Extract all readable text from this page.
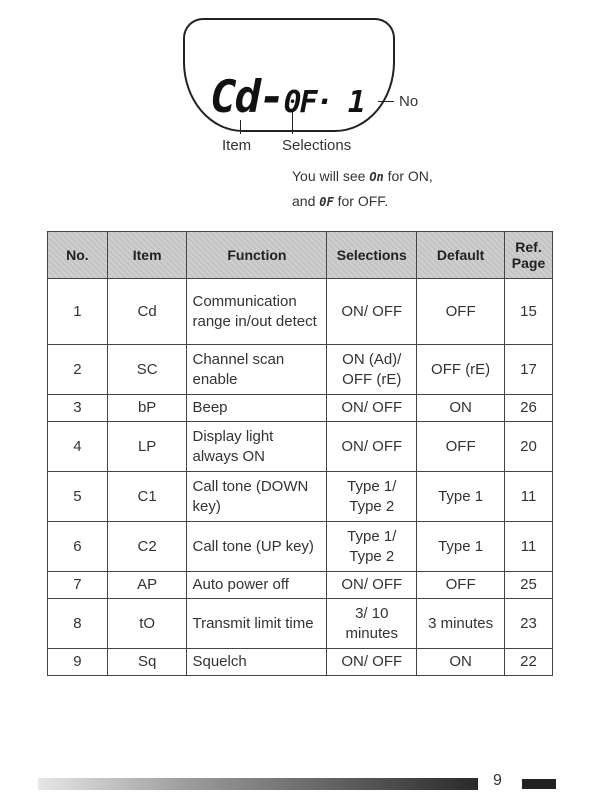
Cd-0F· 1
Item Selections
No
You will see On for ON,
and 0F for OFF.
No.	Item	Function	Selections	Default	Ref. Page
1	Cd	Communication range in/out detect	ON/ OFF	OFF	15
2	SC	Channel scan enable	ON (Ad)/ OFF (rE)	OFF (rE)	17
3	bP	Beep	ON/ OFF	ON	26
4	LP	Display light always ON	ON/ OFF	OFF	20
5	C1	Call tone (DOWN key)	Type 1/ Type 2	Type 1	11
6	C2	Call tone (UP key)	Type 1/ Type 2	Type 1	11
7	AP	Auto power off	ON/ OFF	OFF	25
8	tO	Transmit limit time	3/ 10 minutes	3 minutes	23
9	Sq	Squelch	ON/ OFF	ON	22
9
